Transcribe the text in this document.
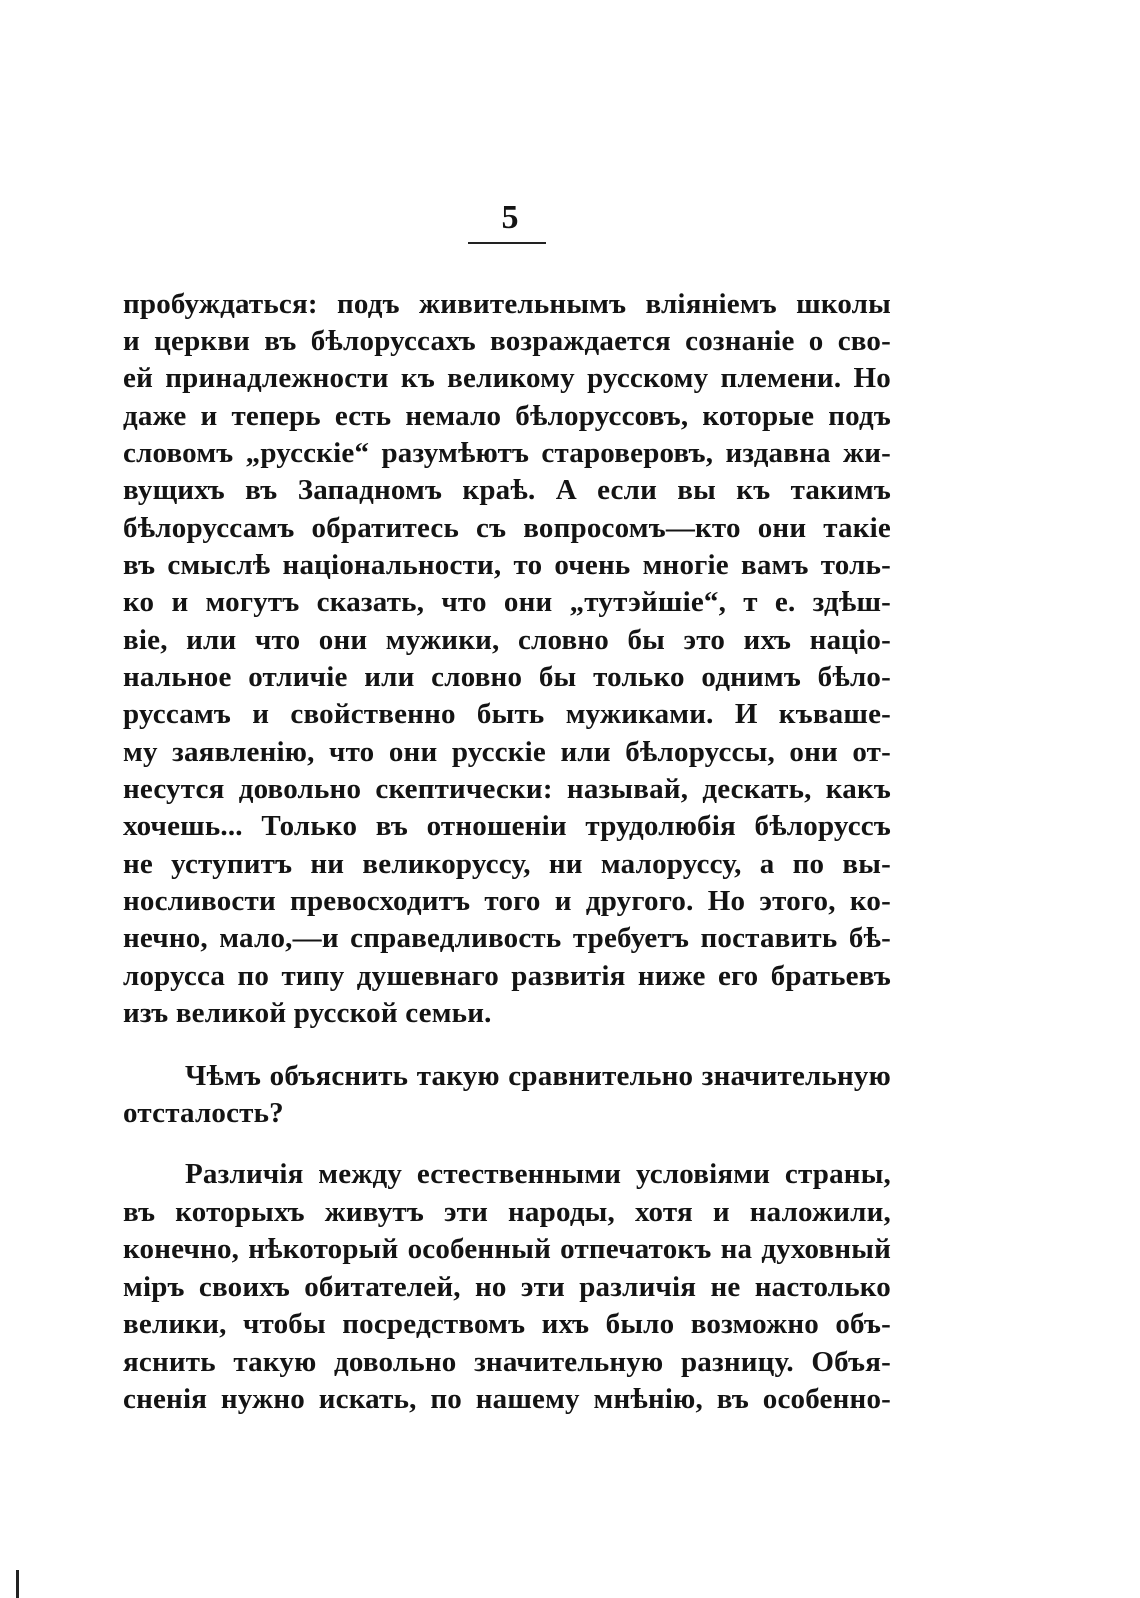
5
пробуждаться: подъ живительнымъ вліяніемъ школы
и церкви въ бѣлоруссахъ возраждается сознаніе о сво-
ей принадлежности къ великому русскому племени. Но
даже и теперь есть немало бѣлоруссовъ, которые подъ
словомъ „русскіе“ разумѣютъ староверовъ, издавна жи-
вущихъ въ Западномъ краѣ. А если вы къ такимъ
бѣлоруссамъ обратитесь съ вопросомъ—кто они такіе
въ смыслѣ національности, то очень многіе вамъ толь-
ко и могутъ сказать, что они „тутэйшіе“, т е. здѣш-
віе, или что они мужики, словно бы это ихъ націо-
нальное отличіе или словно бы только однимъ бѣло-
руссамъ и свойственно быть мужиками. И къваше-
му заявленію, что они русскіе или бѣлоруссы, они от-
несутся довольно скептически: называй, дескать, какъ
хочешь... Только въ отношеніи трудолюбія бѣлоруссъ
не уступитъ ни великоруссу, ни малоруссу, а по вы-
носливости превосходитъ того и другого. Но этого, ко-
нечно, мало,—и справедливость требуетъ поставить бѣ-
лорусса по типу душевнаго развитія ниже его братьевъ
изъ великой русской семьи.
Чѣмъ объяснить такую сравнительно значительную
отсталость?
Различія между естественными условіями страны,
въ которыхъ живутъ эти народы, хотя и наложили,
конечно, нѣкоторый особенный отпечатокъ на духовный
міръ своихъ обитателей, но эти различія не настолько
велики, чтобы посредствомъ ихъ было возможно объ-
яснить такую довольно значительную разницу. Объя-
сненія нужно искать, по нашему мнѣнію, въ особенно-
